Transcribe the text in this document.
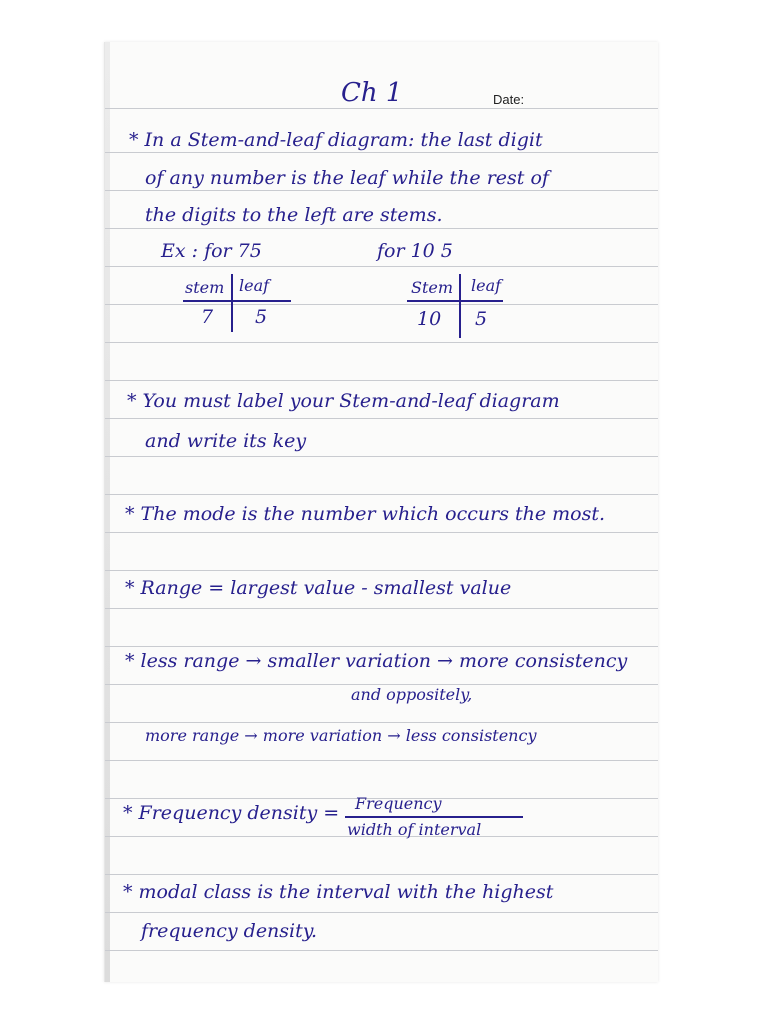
Ch 1	Date:
* In a Stem-and-leaf diagram: the last digit
of any number is the leaf while the rest of
the digits to the left are stems.
Ex : for 75	for 10 5
stem leaf
7 5
Stem leaf
10 5
* You must label your Stem-and-leaf diagram
and write its key
* The mode is the number which occurs the most.
* Range = largest value - smallest value
* less range → smaller variation → more consistency
and oppositely,
more range → more variation → less consistency
* Frequency density = Frequency
width of interval
* modal class is the interval with the highest
frequency density.
